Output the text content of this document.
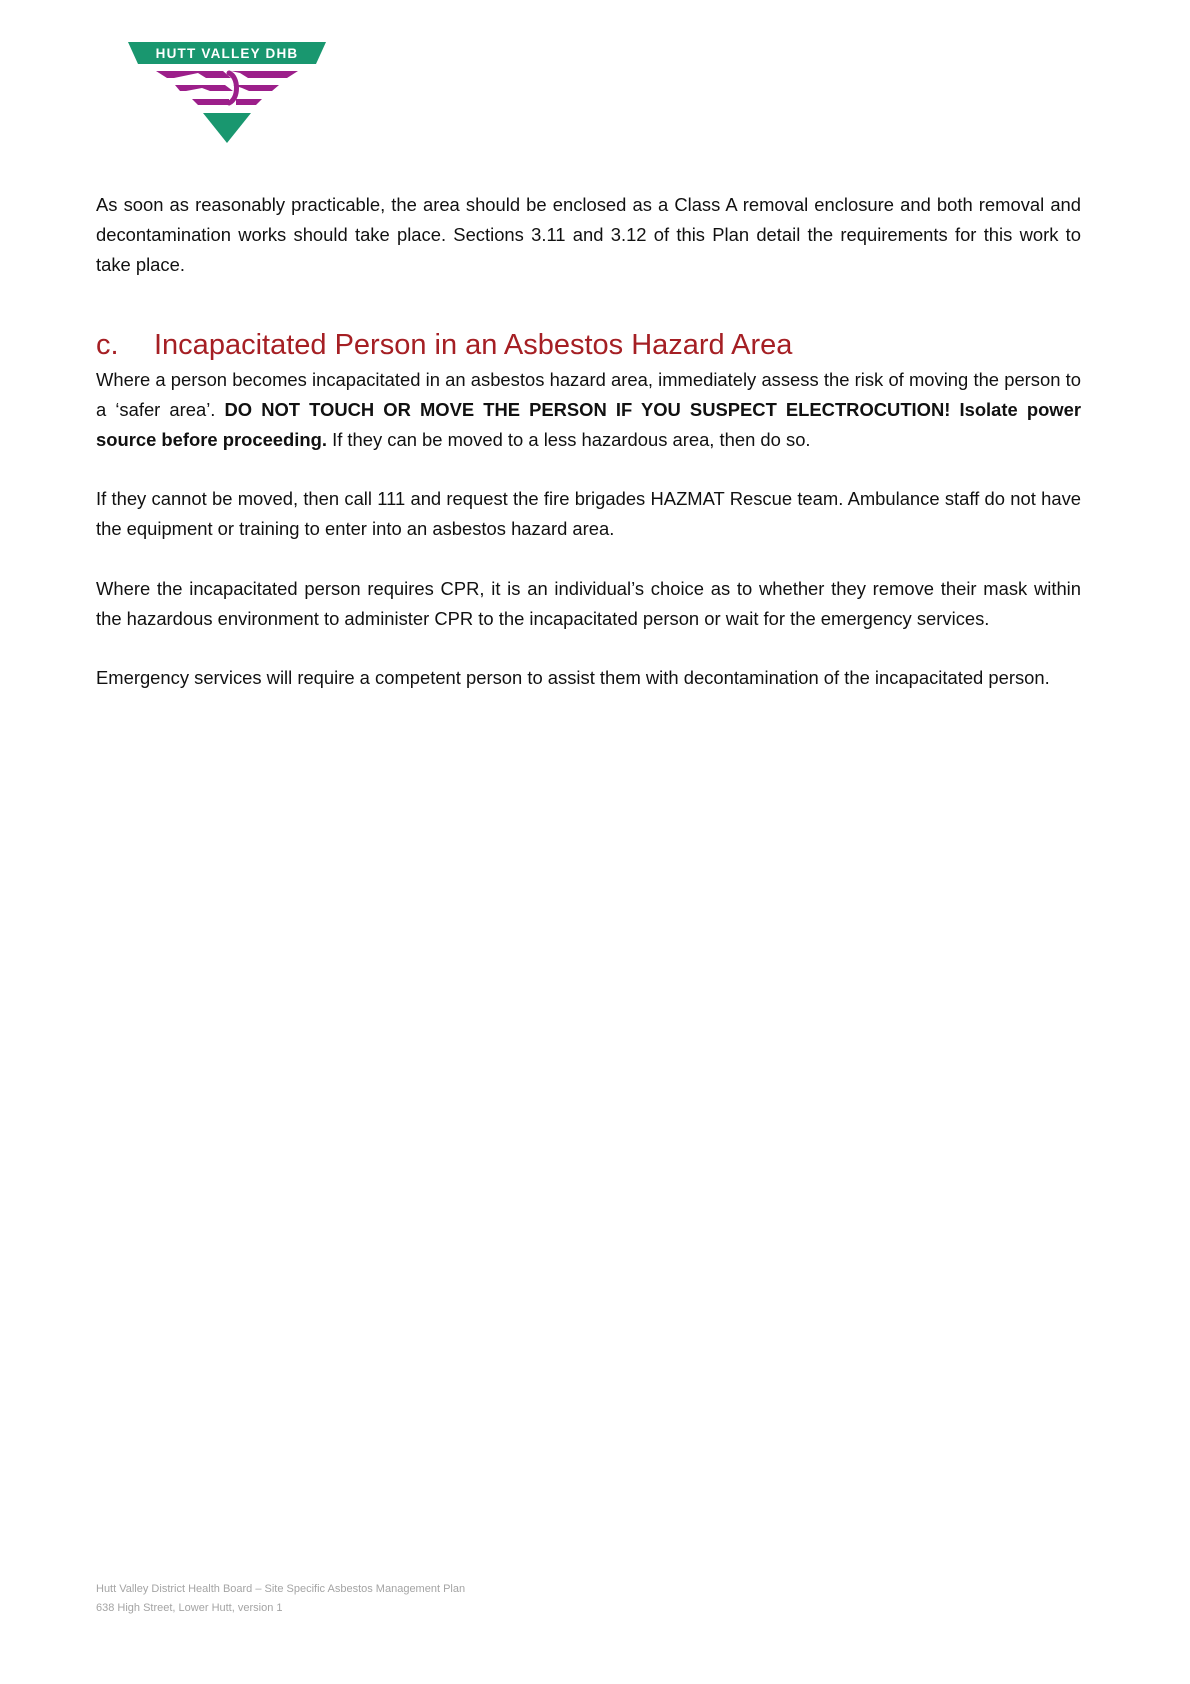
HUTT VALLEY DHB

As soon as reasonably practicable, the area should be enclosed as a Class A removal enclosure and both removal and decontamination works should take place. Sections 3.11 and 3.12 of this Plan detail the requirements for this work to take place.

c. Incapacitated Person in an Asbestos Hazard Area

Where a person becomes incapacitated in an asbestos hazard area, immediately assess the risk of moving the person to a ‘safer area’. DO NOT TOUCH OR MOVE THE PERSON IF YOU SUSPECT ELECTROCUTION! Isolate power source before proceeding. If they can be moved to a less hazardous area, then do so.

If they cannot be moved, then call 111 and request the fire brigades HAZMAT Rescue team. Ambulance staff do not have the equipment or training to enter into an asbestos hazard area.

Where the incapacitated person requires CPR, it is an individual’s choice as to whether they remove their mask within the hazardous environment to administer CPR to the incapacitated person or wait for the emergency services.

Emergency services will require a competent person to assist them with decontamination of the incapacitated person.

Hutt Valley District Health Board – Site Specific Asbestos Management Plan
638 High Street, Lower Hutt, version 1
